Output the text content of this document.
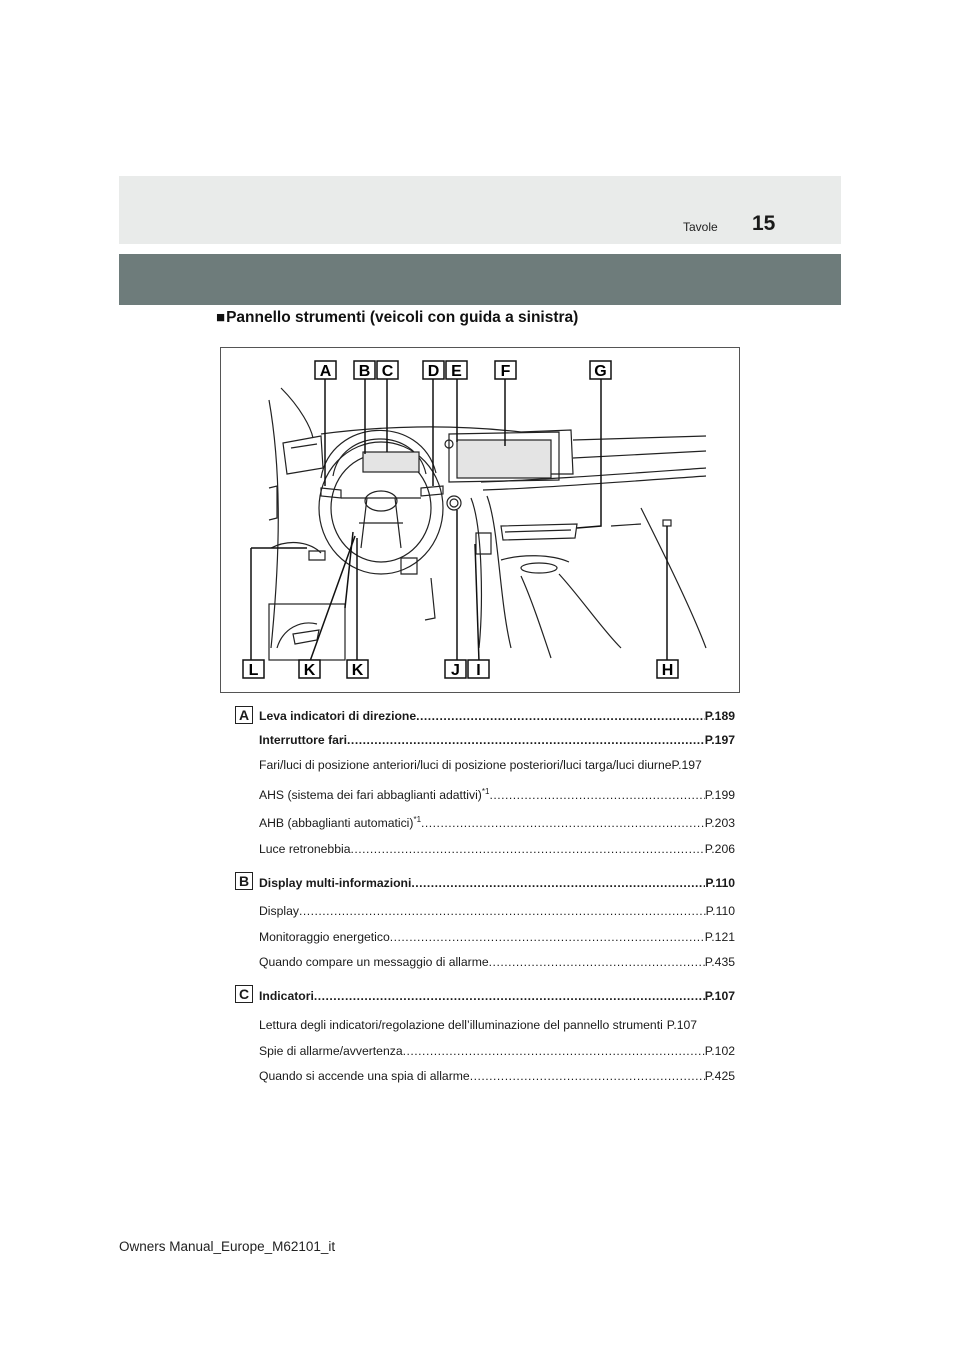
15
Tavole
■Pannello strumenti (veicoli con guida a sinistra)
A B C D E F	G
L	K K	J I	H
A Leva indicatori di direzione .....	P.189
Interruttore fari .....	P.197
Fari/luci di posizione anteriori/luci di posizione posteriori/luci targa/luci diurne P.197
AHS (sistema dei fari abbaglianti adattivi)$^{*1}$ .....	P.199
AHB (abbaglianti automatici)$^{*1}$ .....	P.203
Luce retronebbia .....	P.206
B Display multi-informazioni .....	P.110
Display .....	P.110
Monitoraggio energetico .....	P.121
Quando compare un messaggio di allarme .....	P.435
C Indicatori .....	P.107
Lettura degli indicatori/regolazione dell’illuminazione del pannello strumenti P.107
Spie di allarme/avvertenza .....	P.102
Quando si accende una spia di allarme .....	P.425
Owners Manual_Europe_M62101_it
